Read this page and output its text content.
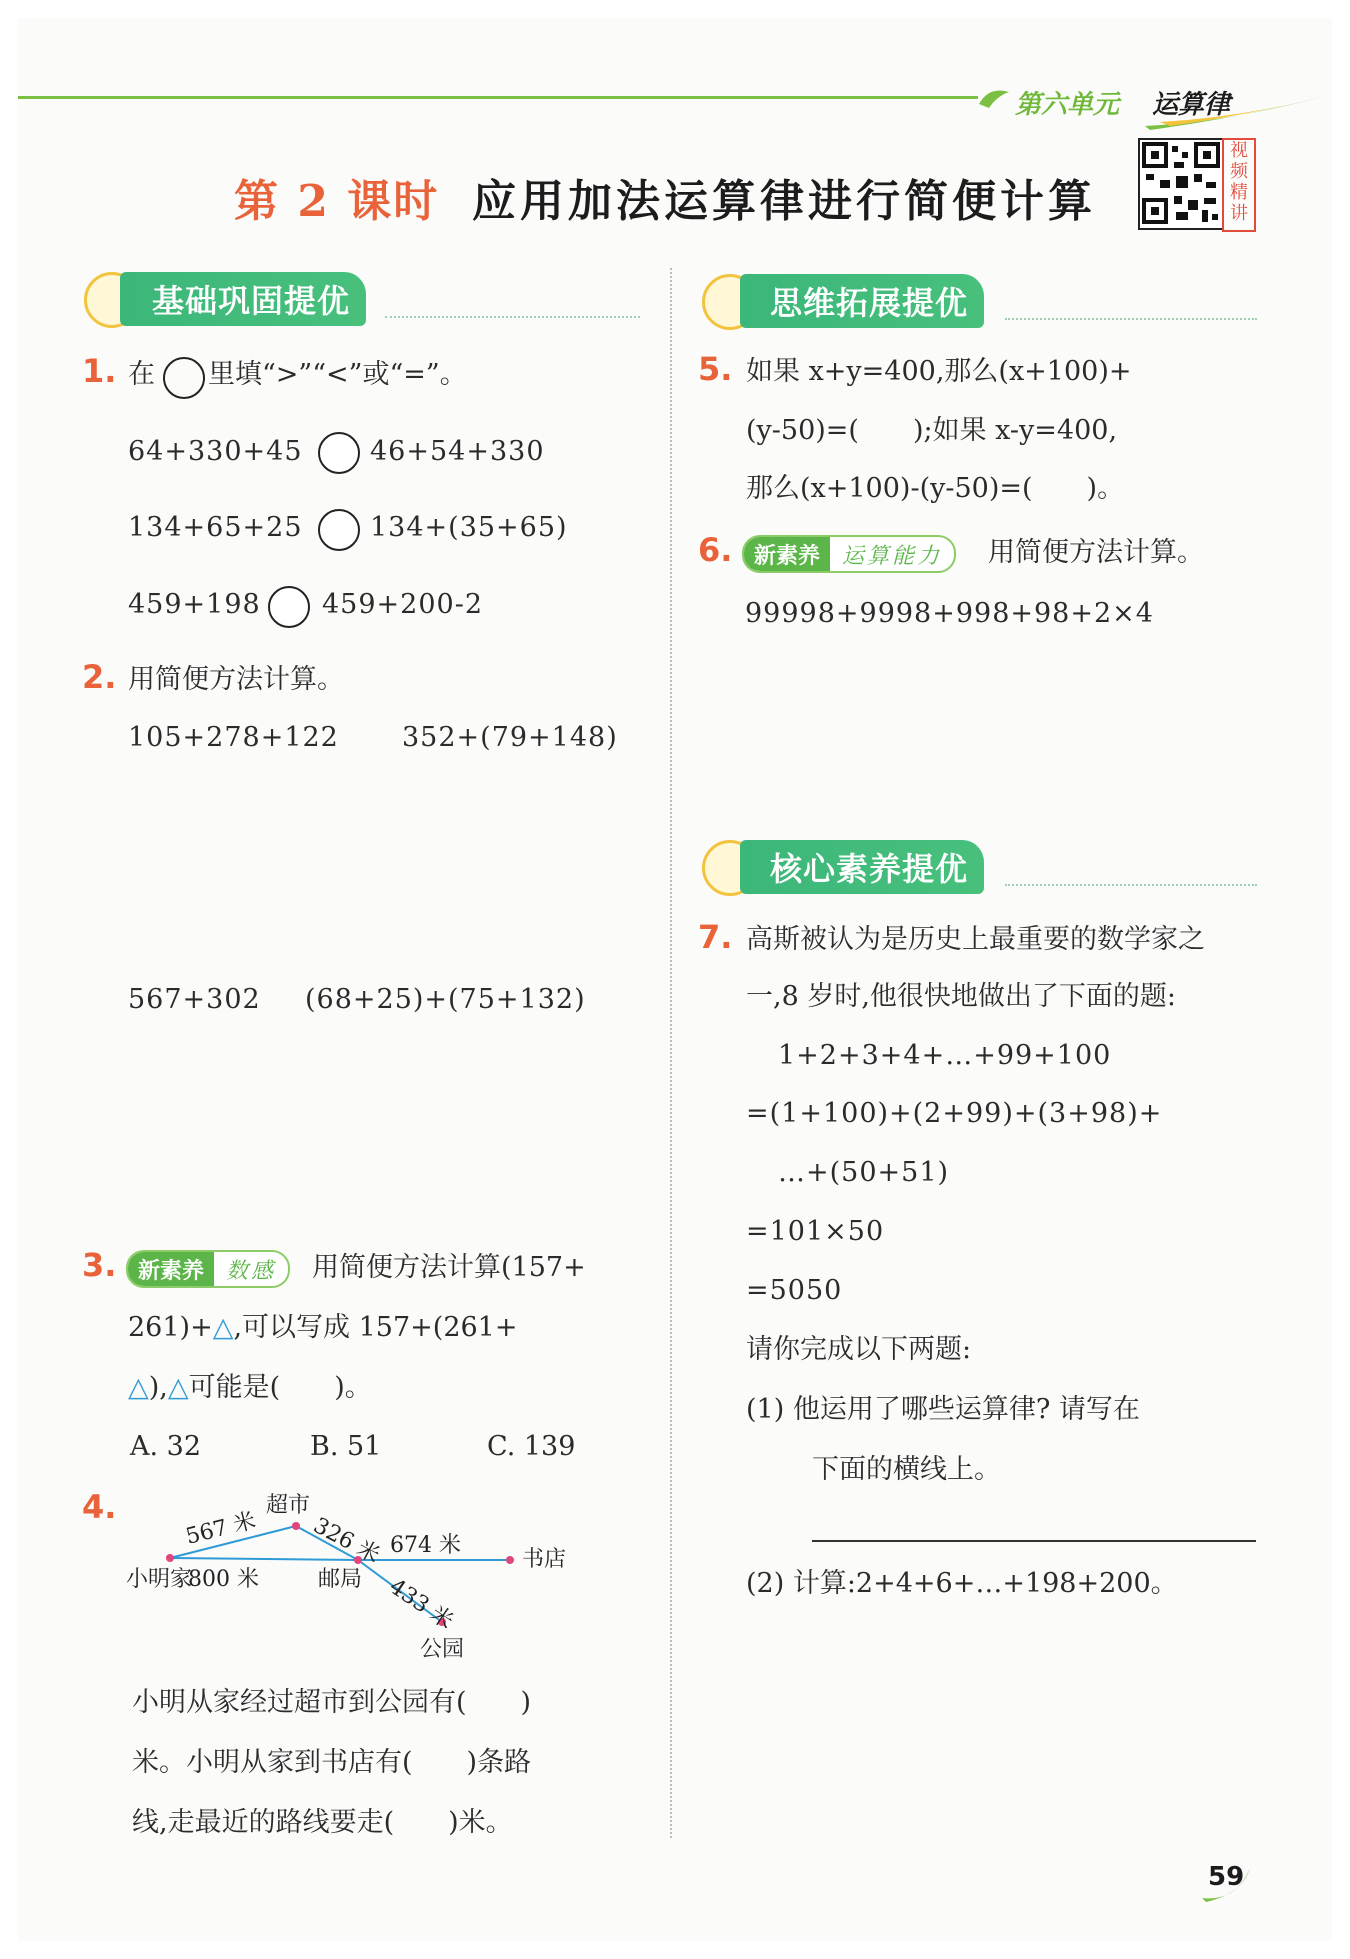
第六单元 运算律
第 2 课时 应用加法运算律进行简便计算
视
频
精
讲
基础巩固提优	思维拓展提优
核心素养提优
1. 在 里填“>”“<”或“=”。
64+330+45	46+54+330
134+65+25	134+(35+65)
459+198 459+200-2
2. 用简便方法计算。
105+278+122 352+(79+148)
567+302 (68+25)+(75+132)
3. 新素养	数感	用简便方法计算(157+
261)+△,可以写成 157+(261+
△),△可能是(　　)。
A. 32	B. 51	C. 139
4.
小明家
超市
邮局
书店
公园
567 米 326 米
800 米
674 米
433 米
小明从家经过超市到公园有(　　)
米。小明从家到书店有(　　)条路
线,走最近的路线要走(　　)米。
5. 如果 x+y=400,那么(x+100)+
(y-50)=(　　);如果 x-y=400,
那么(x+100)-(y-50)=(　　)。
6. 新素养	运算能力	用简便方法计算。
99998+9998+998+98+2×4
7. 高斯被认为是历史上最重要的数学家之
一,8 岁时,他很快地做出了下面的题:
1+2+3+4+…+99+100
=(1+100)+(2+99)+(3+98)+
…+(50+51)
=101×50
=5050
请你完成以下两题:
(1) 他运用了哪些运算律? 请写在
下面的横线上。
(2) 计算:2+4+6+…+198+200。
59
